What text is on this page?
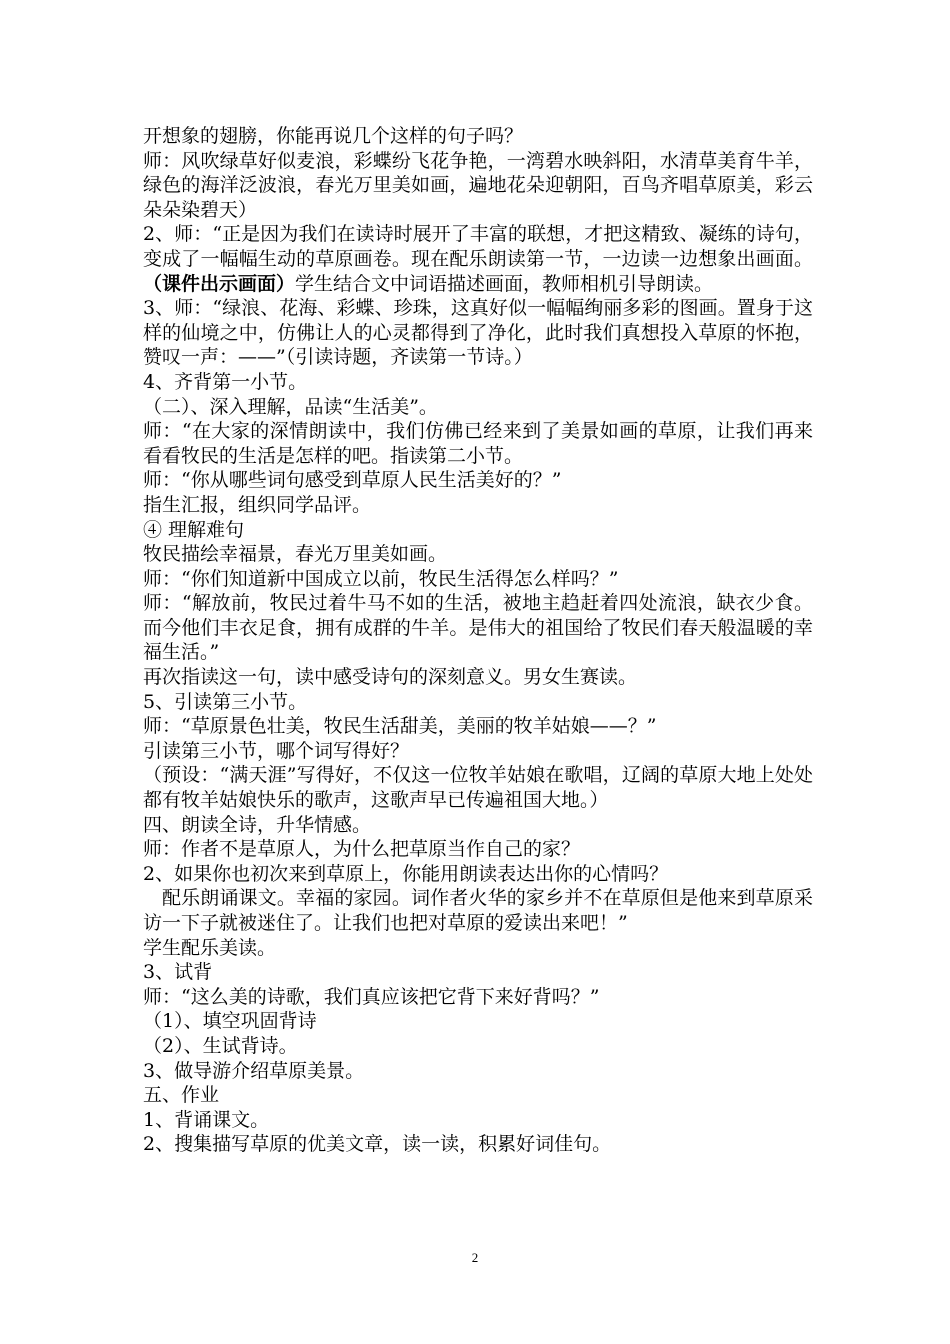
开想象的翅膀，你能再说几个这样的句子吗？

师：风吹绿草好似麦浪，彩蝶纷飞花争艳，一湾碧水映斜阳，水清草美育牛羊，绿色的海洋泛波浪，春光万里美如画，遍地花朵迎朝阳，百鸟齐唱草原美，彩云朵朵染碧天）

2、师：“正是因为我们在读诗时展开了丰富的联想，才把这精致、凝练的诗句，变成了一幅幅生动的草原画卷。现在配乐朗读第一节，一边读一边想象出画面。（课件出示画面）学生结合文中词语描述画面，教师相机引导朗读。

3、师：“绿浪、花海、彩蝶、珍珠，这真好似一幅幅绚丽多彩的图画。置身于这样的仙境之中，仿佛让人的心灵都得到了净化，此时我们真想投入草原的怀抱，赞叹一声：——”（引读诗题，齐读第一节诗。）

4、齐背第一小节。

（二）、深入理解，品读“生活美”。

师：“在大家的深情朗读中，我们仿佛已经来到了美景如画的草原，让我们再来看看牧民的生活是怎样的吧。指读第二小节。

师：“你从哪些词句感受到草原人民生活美好的？”

指生汇报，组织同学品评。

④ 理解难句

牧民描绘幸福景，春光万里美如画。

师：“你们知道新中国成立以前，牧民生活得怎么样吗？”

师：“解放前，牧民过着牛马不如的生活，被地主趋赶着四处流浪，缺衣少食。而今他们丰衣足食，拥有成群的牛羊。是伟大的祖国给了牧民们春天般温暖的幸福生活。”

再次指读这一句，读中感受诗句的深刻意义。男女生赛读。

5、引读第三小节。

师：“草原景色壮美，牧民生活甜美，美丽的牧羊姑娘——？”

引读第三小节，哪个词写得好？

（预设：“满天涯”写得好，不仅这一位牧羊姑娘在歌唱，辽阔的草原大地上处处都有牧羊姑娘快乐的歌声，这歌声早已传遍祖国大地。）

四、朗读全诗，升华情感。

师：作者不是草原人，为什么把草原当作自己的家？

2、如果你也初次来到草原上，你能用朗读表达出你的心情吗？

配乐朗诵课文。幸福的家园。词作者火华的家乡并不在草原但是他来到草原采访一下子就被迷住了。让我们也把对草原的爱读出来吧！”

学生配乐美读。

3、试背

师：“这么美的诗歌，我们真应该把它背下来好背吗？”

（1）、填空巩固背诗

（2）、生试背诗。

3、做导游介绍草原美景。

五、作业

1、背诵课文。

2、搜集描写草原的优美文章，读一读，积累好词佳句。

2
